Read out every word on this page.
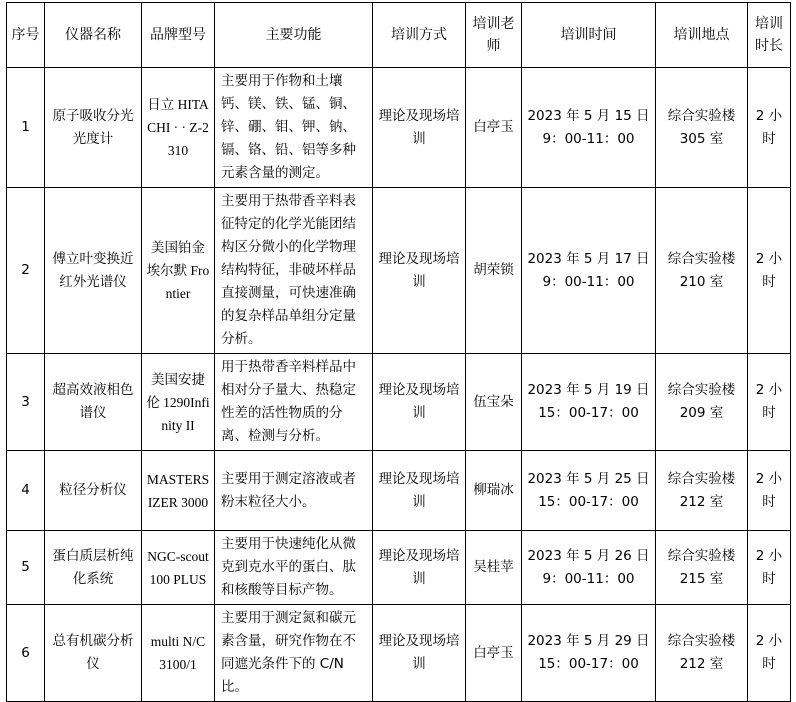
序号	仪器名称	品牌型号	主要功能	培训方式	培训老师	培训时间	培训地点	培训时长
1	原子吸收分光光度计	日立 HITACHI · · Z-2310	主要用于作物和土壤钙、镁、铁、锰、铜、锌、硼、钼、钾、钠、镉、铬、铅、铝等多种元素含量的测定。	理论及现场培训	白亭玉	2023 年 5 月 15 日
9：00-11：00	综合实验楼 305 室	2 小时
2	傅立叶变换近红外光谱仪	美国铂金埃尔默 Frontier	主要用于热带香辛料表征特定的化学光能团结构区分微小的化学物理结构特征，非破坏样品直接测量，可快速准确的复杂样品单组分定量分析。	理论及现场培训	胡荣锁	2023 年 5 月 17 日
9：00-11：00	综合实验楼 210 室	2 小时
3	超高效液相色谱仪	美国安捷伦 1290Infinity II	用于热带香辛料样品中相对分子量大、热稳定性差的活性物质的分离、检测与分析。	理论及现场培训	伍宝朵	2023 年 5 月 19 日
15：00-17：00	综合实验楼 209 室	2 小时
4	粒径分析仪	MASTERSIZER 3000	主要用于测定溶液或者粉末粒径大小。	理论及现场培训	柳瑞冰	2023 年 5 月 25 日
15：00-17：00	综合实验楼 212 室	2 小时
5	蛋白质层析纯化系统	NGC-scout 100 PLUS	主要用于快速纯化从微克到克水平的蛋白、肽和核酸等目标产物。	理论及现场培训	吴桂苹	2023 年 5 月 26 日
9：00-11：00	综合实验楼 215 室	2 小时
6	总有机碳分析仪	multi N/C 3100/1	主要用于测定氮和碳元素含量，研究作物在不同遮光条件下的 C/N 比。	理论及现场培训	白亭玉	2023 年 5 月 29 日
15：00-17：00	综合实验楼 212 室	2 小时
